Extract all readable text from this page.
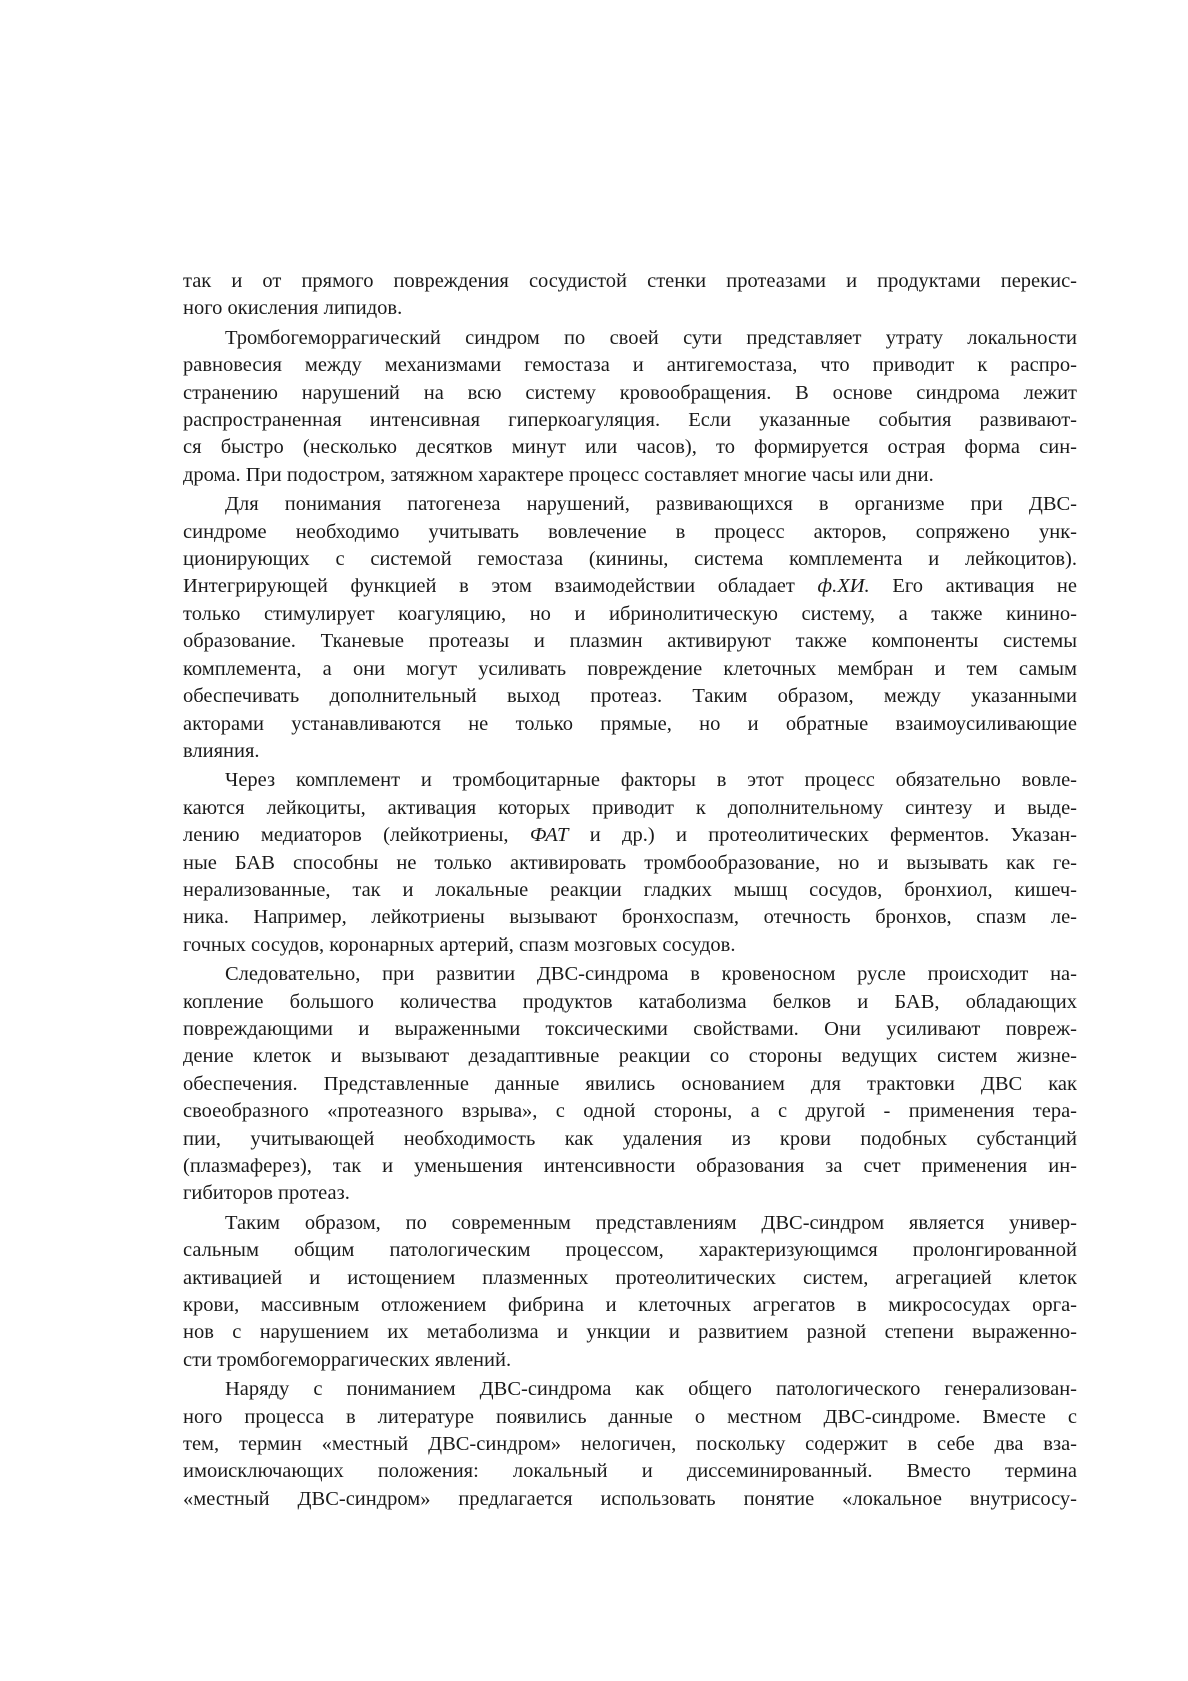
так и от прямого повреждения сосудистой стенки протеазами и продуктами перекис-
ного окисления липидов.
Тромбогеморрагический синдром по своей сути представляет утрату локальности
равновесия между механизмами гемостаза и антигемостаза, что приводит к распро-
странению нарушений на всю систему кровообращения. В основе синдрома лежит
распространенная интенсивная гиперкоагуляция. Если указанные события развивают-
ся быстро (несколько десятков минут или часов), то формируется острая форма син-
дрома. При подостром, затяжном характере процесс составляет многие часы или дни.
Для понимания патогенеза нарушений, развивающихся в организме при ДВС-
синдроме необходимо учитывать вовлечение в процесс акторов, сопряжено унк-
ционирующих с системой гемостаза (кинины, система комплемента и лейкоцитов).
Интегрирующей функцией в этом взаимодействии обладает ф.ХИ. Его активация не
только стимулирует коагуляцию, но и ибринолитическую систему, а также кинино-
образование. Тканевые протеазы и плазмин активируют также компоненты системы
комплемента, а они могут усиливать повреждение клеточных мембран и тем самым
обеспечивать дополнительный выход протеаз. Таким образом, между указанными
акторами устанавливаются не только прямые, но и обратные взаимоусиливающие
влияния.
Через комплемент и тромбоцитарные факторы в этот процесс обязательно вовле-
каются лейкоциты, активация которых приводит к дополнительному синтезу и выде-
лению медиаторов (лейкотриены, ФАТ и др.) и протеолитических ферментов. Указан-
ные БАВ способны не только активировать тромбообразование, но и вызывать как ге-
нерализованные, так и локальные реакции гладких мышц сосудов, бронхиол, кишеч-
ника. Например, лейкотриены вызывают бронхоспазм, отечность бронхов, спазм ле-
гочных сосудов, коронарных артерий, спазм мозговых сосудов.
Следовательно, при развитии ДВС-синдрома в кровеносном русле происходит на-
копление большого количества продуктов катаболизма белков и БАВ, обладающих
повреждающими и выраженными токсическими свойствами. Они усиливают повреж-
дение клеток и вызывают дезадаптивные реакции со стороны ведущих систем жизне-
обеспечения. Представленные данные явились основанием для трактовки ДВС как
своеобразного «протеазного взрыва», с одной стороны, а с другой - применения тера-
пии, учитывающей необходимость как удаления из крови подобных субстанций
(плазмаферез), так и уменьшения интенсивности образования за счет применения ин-
гибиторов протеаз.
Таким образом, по современным представлениям ДВС-синдром является универ-
сальным общим патологическим процессом, характеризующимся пролонгированной
активацией и истощением плазменных протеолитических систем, агрегацией клеток
крови, массивным отложением фибрина и клеточных агрегатов в микрососудах орга-
нов с нарушением их метаболизма и ункции и развитием разной степени выраженно-
сти тромбогеморрагических явлений.
Наряду с пониманием ДВС-синдрома как общего патологического генерализован-
ного процесса в литературе появились данные о местном ДВС-синдроме. Вместе с
тем, термин «местный ДВС-синдром» нелогичен, поскольку содержит в себе два вза-
имоисключающих положения: локальный и диссеминированный. Вместо термина
«местный ДВС-синдром» предлагается использовать понятие «локальное внутрисосу-
